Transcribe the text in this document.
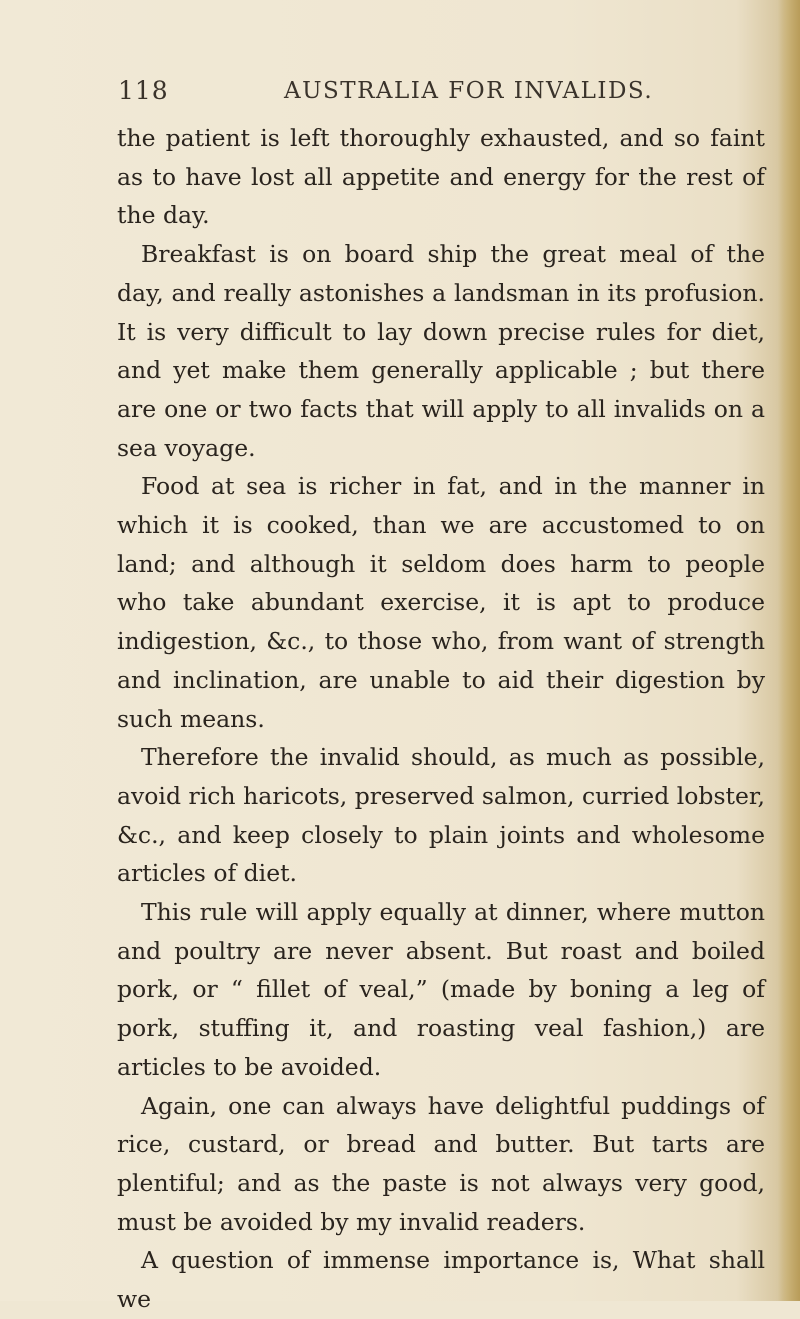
118	AUSTRALIA FOR INVALIDS.

the patient is left thoroughly exhausted, and so faint as to have lost all appetite and energy for the rest of the day.

Breakfast is on board ship the great meal of the day, and really astonishes a landsman in its profusion. It is very difficult to lay down precise rules for diet, and yet make them generally applicable ; but there are one or two facts that will apply to all invalids on a sea voyage.

Food at sea is richer in fat, and in the manner in which it is cooked, than we are accustomed to on land; and although it seldom does harm to people who take abundant exercise, it is apt to produce indigestion, &c., to those who, from want of strength and inclination, are unable to aid their digestion by such means.

Therefore the invalid should, as much as possible, avoid rich haricots, preserved salmon, curried lobster, &c., and keep closely to plain joints and wholesome articles of diet.

This rule will apply equally at dinner, where mutton and poultry are never absent. But roast and boiled pork, or “ fillet of veal,” (made by boning a leg of pork, stuffing it, and roasting veal fashion,) are articles to be avoided.

Again, one can always have delightful puddings of rice, custard, or bread and butter. But tarts are plentiful; and as the paste is not always very good, must be avoided by my invalid readers.

A question of immense importance is, What shall we
